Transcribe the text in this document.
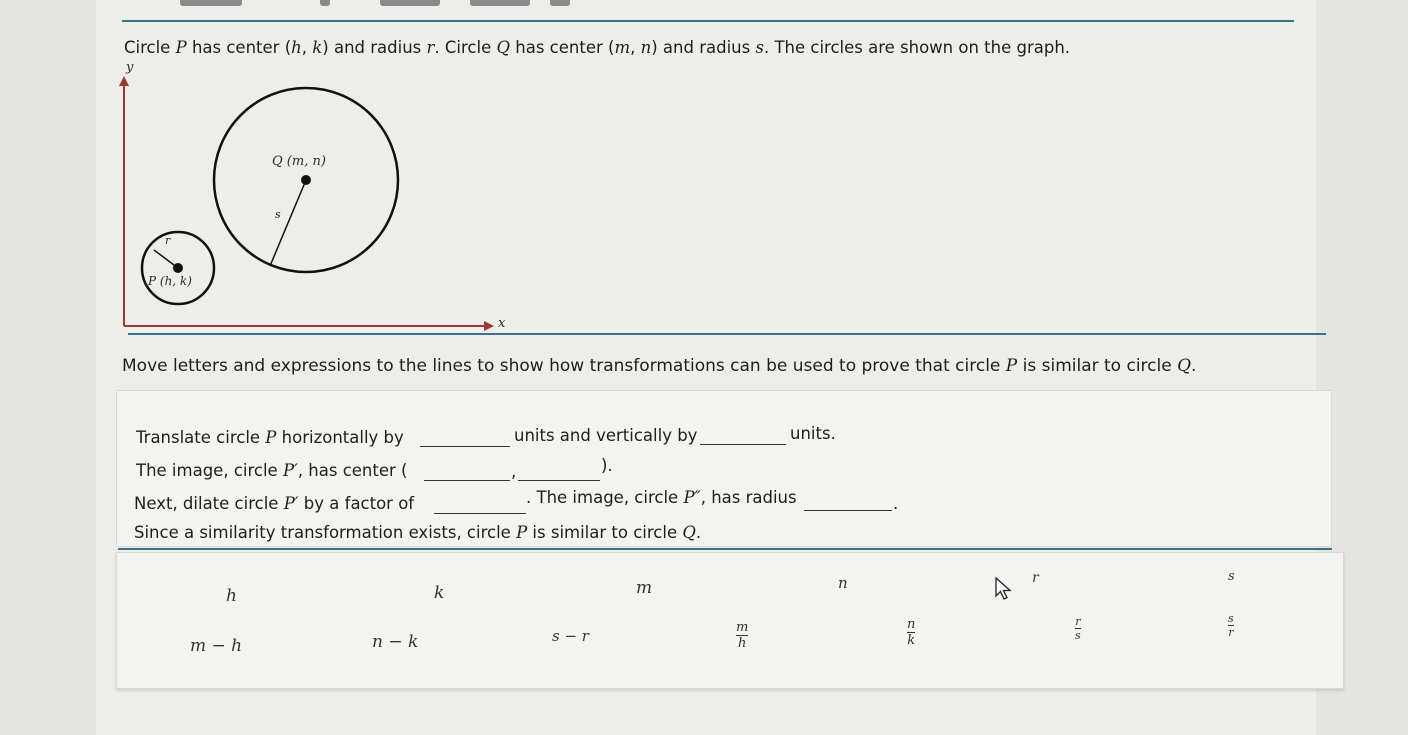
Circle P has center (h, k) and radius r. Circle Q has center (m, n) and radius s. The circles are shown on the graph.
y
x
P (h, k)
r
Q (m, n)
s
Move letters and expressions to the lines to show how transformations can be used to prove that circle P is similar to circle Q.
Translate circle P horizontally by	units and vertically by	units.
The image, circle P′, has center (	,	).
Next, dilate circle P′ by a factor of	. The image, circle P″, has radius	.
Since a similarity transformation exists, circle P is similar to circle Q.
h
m − h
k
n − k	s − r
m
$\frac{m}{h}$
n
$\frac{n}{k}$
r
$\frac{r}{s}$
s
$\frac{s}{r}$
